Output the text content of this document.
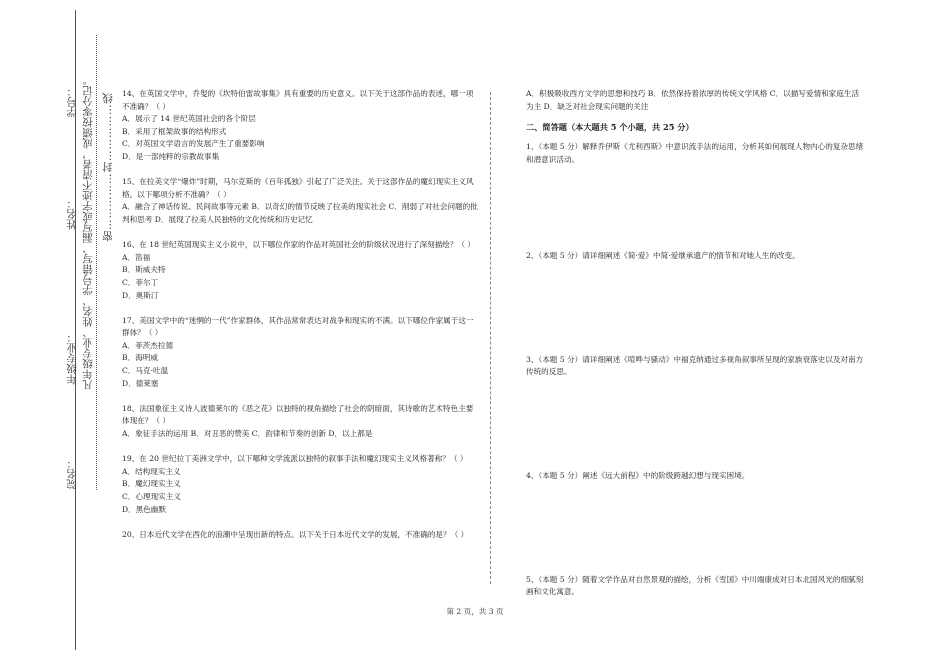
学号：
姓名：
年级专业：
院名：
凡年级专业、姓名、学号错写、漏写或字迹不清者，成绩按零分记。 密……………封……………线 14、在英国文学中，乔叟的《坎特伯雷故事集》具有重要的历史意义。以下关于这部作品的表述，哪一项不准确？（ ）

A．展示了 14 世纪英国社会的各个阶层

B．采用了框架故事的结构形式

C．对英国文学语言的发展产生了重要影响

D．是一部纯粹的宗教故事集

15、在拉美文学“爆炸”时期，马尔克斯的《百年孤独》引起了广泛关注。关于这部作品的魔幻现实主义风格，以下哪项分析不准确？（ ）

A．融合了神话传说、民间故事等元素 B．以奇幻的情节反映了拉美的现实社会 C．削弱了对社会问题的批判和思考 D．展现了拉美人民独特的文化传统和历史记忆

16、在 18 世纪英国现实主义小说中，以下哪位作家的作品对英国社会的阶级状况进行了深刻描绘？（ ）

A．笛福

B．斯威夫特

C．菲尔丁

D．奥斯汀

17、美国文学中的“迷惘的一代”作家群体，其作品常常表达对战争和现实的不满。以下哪位作家属于这一群体？（ ）

A．菲茨杰拉德

B．海明威

C．马克·吐温

D．德莱塞

18、法国象征主义诗人波德莱尔的《恶之花》以独特的视角描绘了社会的阴暗面，其诗歌的艺术特色主要体现在？（ ）

A．象征手法的运用 B．对丑恶的赞美 C．韵律和节奏的创新 D．以上都是

19、在 20 世纪拉丁美洲文学中，以下哪种文学流派以独特的叙事手法和魔幻现实主义风格著称？（ ）

A．结构现实主义

B．魔幻现实主义

C．心理现实主义

D．黑色幽默

20、日本近代文学在西化的浪潮中呈现出新的特点。以下关于日本近代文学的发展，不准确的是？（ ）

A．积极吸收西方文学的思想和技巧 B．依然保持着浓厚的传统文学风格 C．以描写爱情和家庭生活为主 D．缺乏对社会现实问题的关注

二、简答题（本大题共 5 个小题，共 25 分）

1、（本题 5 分）解释乔伊斯《尤利西斯》中意识流手法的运用，分析其如何展现人物内心的复杂思绪和潜意识活动。

2、（本题 5 分）请详细阐述《简·爱》中简·爱继承遗产的情节和对她人生的改变。

3、（本题 5 分）请详细阐述《喧哗与骚动》中福克纳通过多视角叙事所呈现的家族衰落史以及对南方传统的反思。

4、（本题 5 分）阐述《远大前程》中的阶级跨越幻想与现实困境。

5、（本题 5 分）随着文学作品对自然景观的描绘，分析《雪国》中川端康成对日本北国风光的细腻刻画和文化寓意。

第 2 页，共 3 页
